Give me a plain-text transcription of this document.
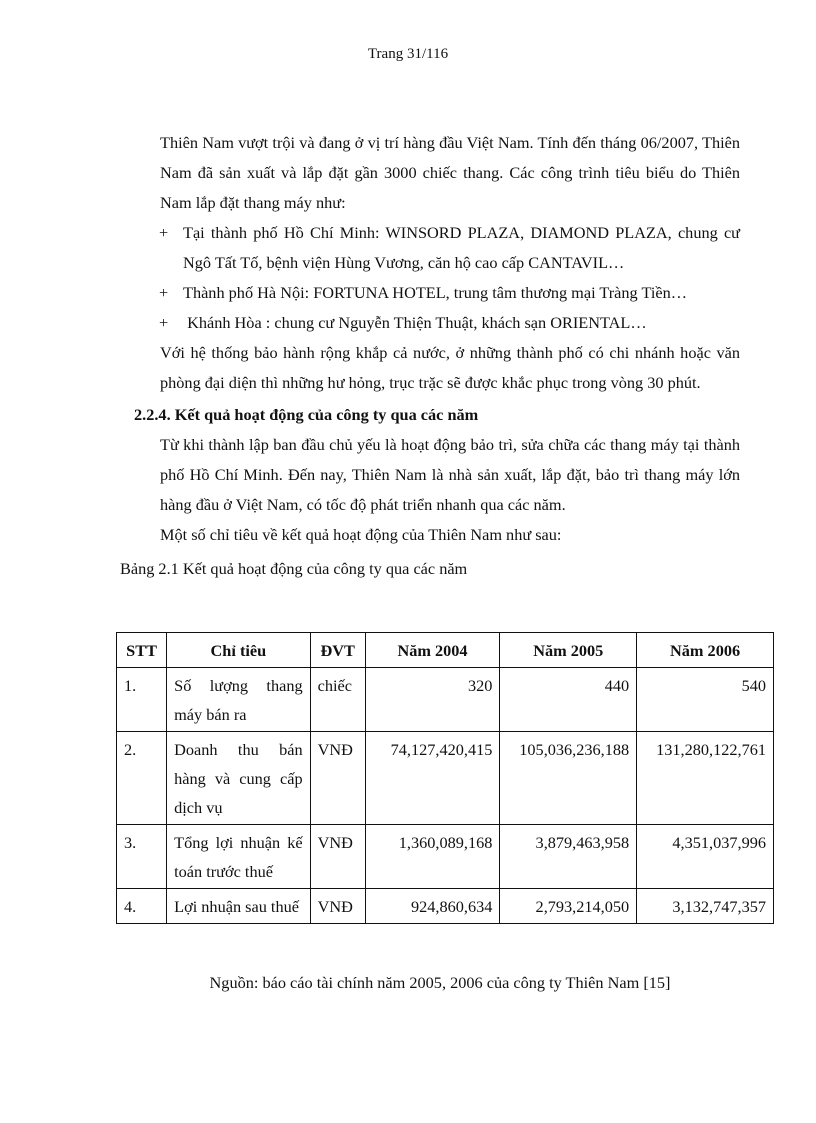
Trang 31/116

Thiên Nam vượt trội và đang ở vị trí hàng đầu Việt Nam. Tính đến tháng 06/2007, Thiên Nam đã sản xuất và lắp đặt gần 3000 chiếc thang. Các công trình tiêu biểu do Thiên Nam lắp đặt thang máy như:

+ Tại thành phố Hồ Chí Minh: WINSORD PLAZA, DIAMOND PLAZA, chung cư Ngô Tất Tố, bệnh viện Hùng Vương, căn hộ cao cấp CANTAVIL…
+ Thành phố Hà Nội: FORTUNA HOTEL, trung tâm thương mại Tràng Tiền…
+ Khánh Hòa : chung cư Nguyễn Thiện Thuật, khách sạn ORIENTAL…

Với hệ thống bảo hành rộng khắp cả nước, ở những thành phố có chi nhánh hoặc văn phòng đại diện thì những hư hỏng, trục trặc sẽ được khắc phục trong vòng 30 phút.

2.2.4. Kết quả hoạt động của công ty qua các năm

Từ khi thành lập ban đầu chủ yếu là hoạt động bảo trì, sửa chữa các thang máy tại thành phố Hồ Chí Minh. Đến nay, Thiên Nam là nhà sản xuất, lắp đặt, bảo trì thang máy lớn hàng đầu ở Việt Nam, có tốc độ phát triển nhanh qua các năm.

Một số chỉ tiêu về kết quả hoạt động của Thiên Nam như sau:

Bảng 2.1 Kết quả hoạt động của công ty qua các năm

STT	Chỉ tiêu	ĐVT	Năm 2004	Năm 2005	Năm 2006
1.	Số lượng thang máy bán ra	chiếc	320	440	540
2.	Doanh thu bán hàng và cung cấp dịch vụ	VNĐ	74,127,420,415	105,036,236,188	131,280,122,761
3.	Tổng lợi nhuận kế toán trước thuế	VNĐ	1,360,089,168	3,879,463,958	4,351,037,996
4.	Lợi nhuận sau thuế	VNĐ	924,860,634	2,793,214,050	3,132,747,357
Nguồn: báo cáo tài chính năm 2005, 2006 của công ty Thiên Nam [15]
